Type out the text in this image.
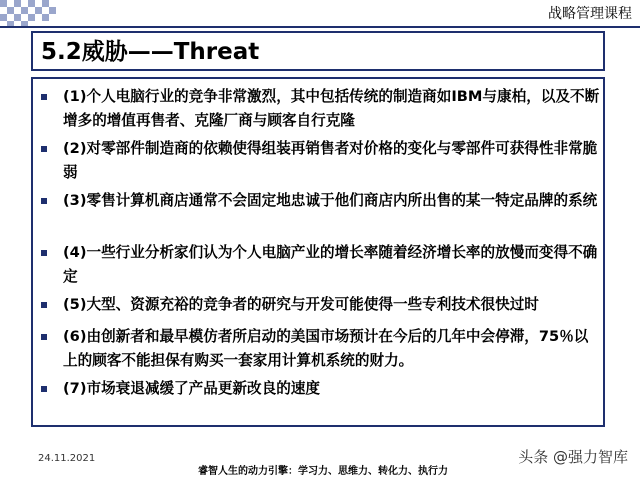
战略管理课程
5.2威胁——Threat
(1)个人电脑行业的竞争非常激烈，其中包括传统的制造商如IBM与康柏，以及不断增多的增值再售者、克隆厂商与顾客自行克隆
(2)对零部件制造商的依赖使得组装再销售者对价格的变化与零部件可获得性非常脆弱
(3)零售计算机商店通常不会固定地忠诚于他们商店内所出售的某一特定品牌的系统
(4)一些行业分析家们认为个人电脑产业的增长率随着经济增长率的放慢而变得不确定
(5)大型、资源充裕的竞争者的研究与开发可能使得一些专利技术很快过时
(6)由创新者和最早模仿者所启动的美国市场预计在今后的几年中会停滞，75％以上的顾客不能担保有购买一套家用计算机系统的财力。
(7)市场衰退减缓了产品更新改良的速度
24.11.2021
睿智人生的动力引擎：学习力、思维力、转化力、执行力
头条 @强力智库
